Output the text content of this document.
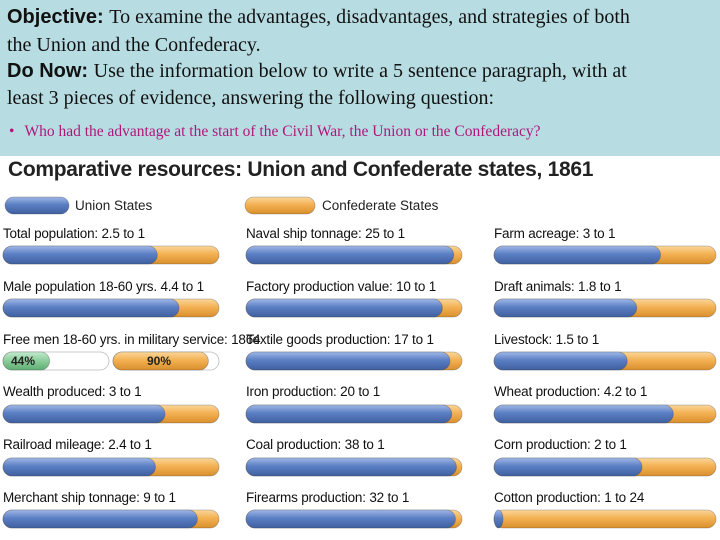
Objective: To examine the advantages, disadvantages, and strategies of both
the Union and the Confederacy.
Do Now: Use the information below to write a 5 sentence paragraph, with at
least 3 pieces of evidence, answering the following question:
• Who had the advantage at the start of the Civil War, the Union or the Confederacy?
44%	90%
Comparative resources: Union and Confederate states, 1861
Union States	Confederate States
Total population: 2.5 to 1
Male population 18-60 yrs. 4.4 to 1
Free men 18-60 yrs. in military service: 1864
Wealth produced: 3 to 1
Railroad mileage: 2.4 to 1
Merchant ship tonnage: 9 to 1
Naval ship tonnage: 25 to 1
Factory production value: 10 to 1
Textile goods production: 17 to 1
Iron production: 20 to 1
Coal production: 38 to 1
Firearms production: 32 to 1
Farm acreage: 3 to 1
Draft animals: 1.8 to 1
Livestock: 1.5 to 1
Wheat production: 4.2 to 1
Corn production: 2 to 1
Cotton production: 1 to 24
